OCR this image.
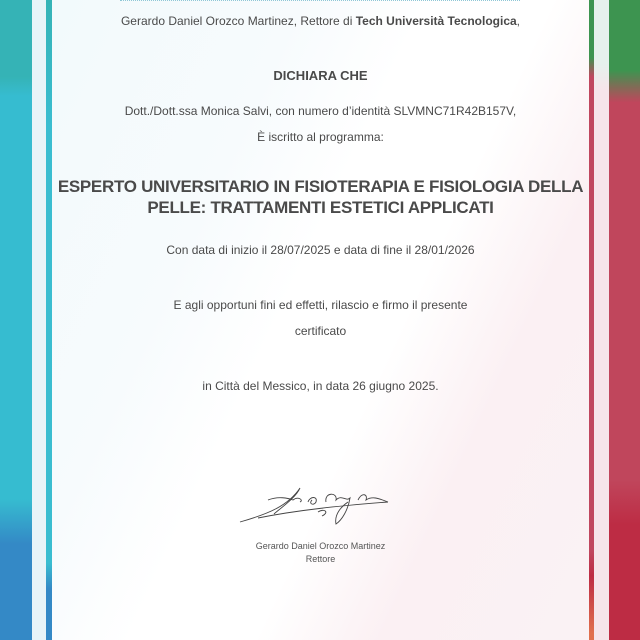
Gerardo Daniel Orozco Martinez, Rettore di Tech Università Tecnologica,
DICHIARA CHE
Dott./Dott.ssa Monica Salvi, con numero d’identità SLVMNC71R42B157V,
È iscritto al programma:
ESPERTO UNIVERSITARIO IN FISIOTERAPIA E FISIOLOGIA DELLA
PELLE: TRATTAMENTI ESTETICI APPLICATI
Con data di inizio il 28/07/2025 e data di fine il 28/01/2026
E agli opportuni fini ed effetti, rilascio e firmo il presente
certificato
in Città del Messico, in data 26 giugno 2025.
Gerardo Daniel Orozco Martinez
Rettore
